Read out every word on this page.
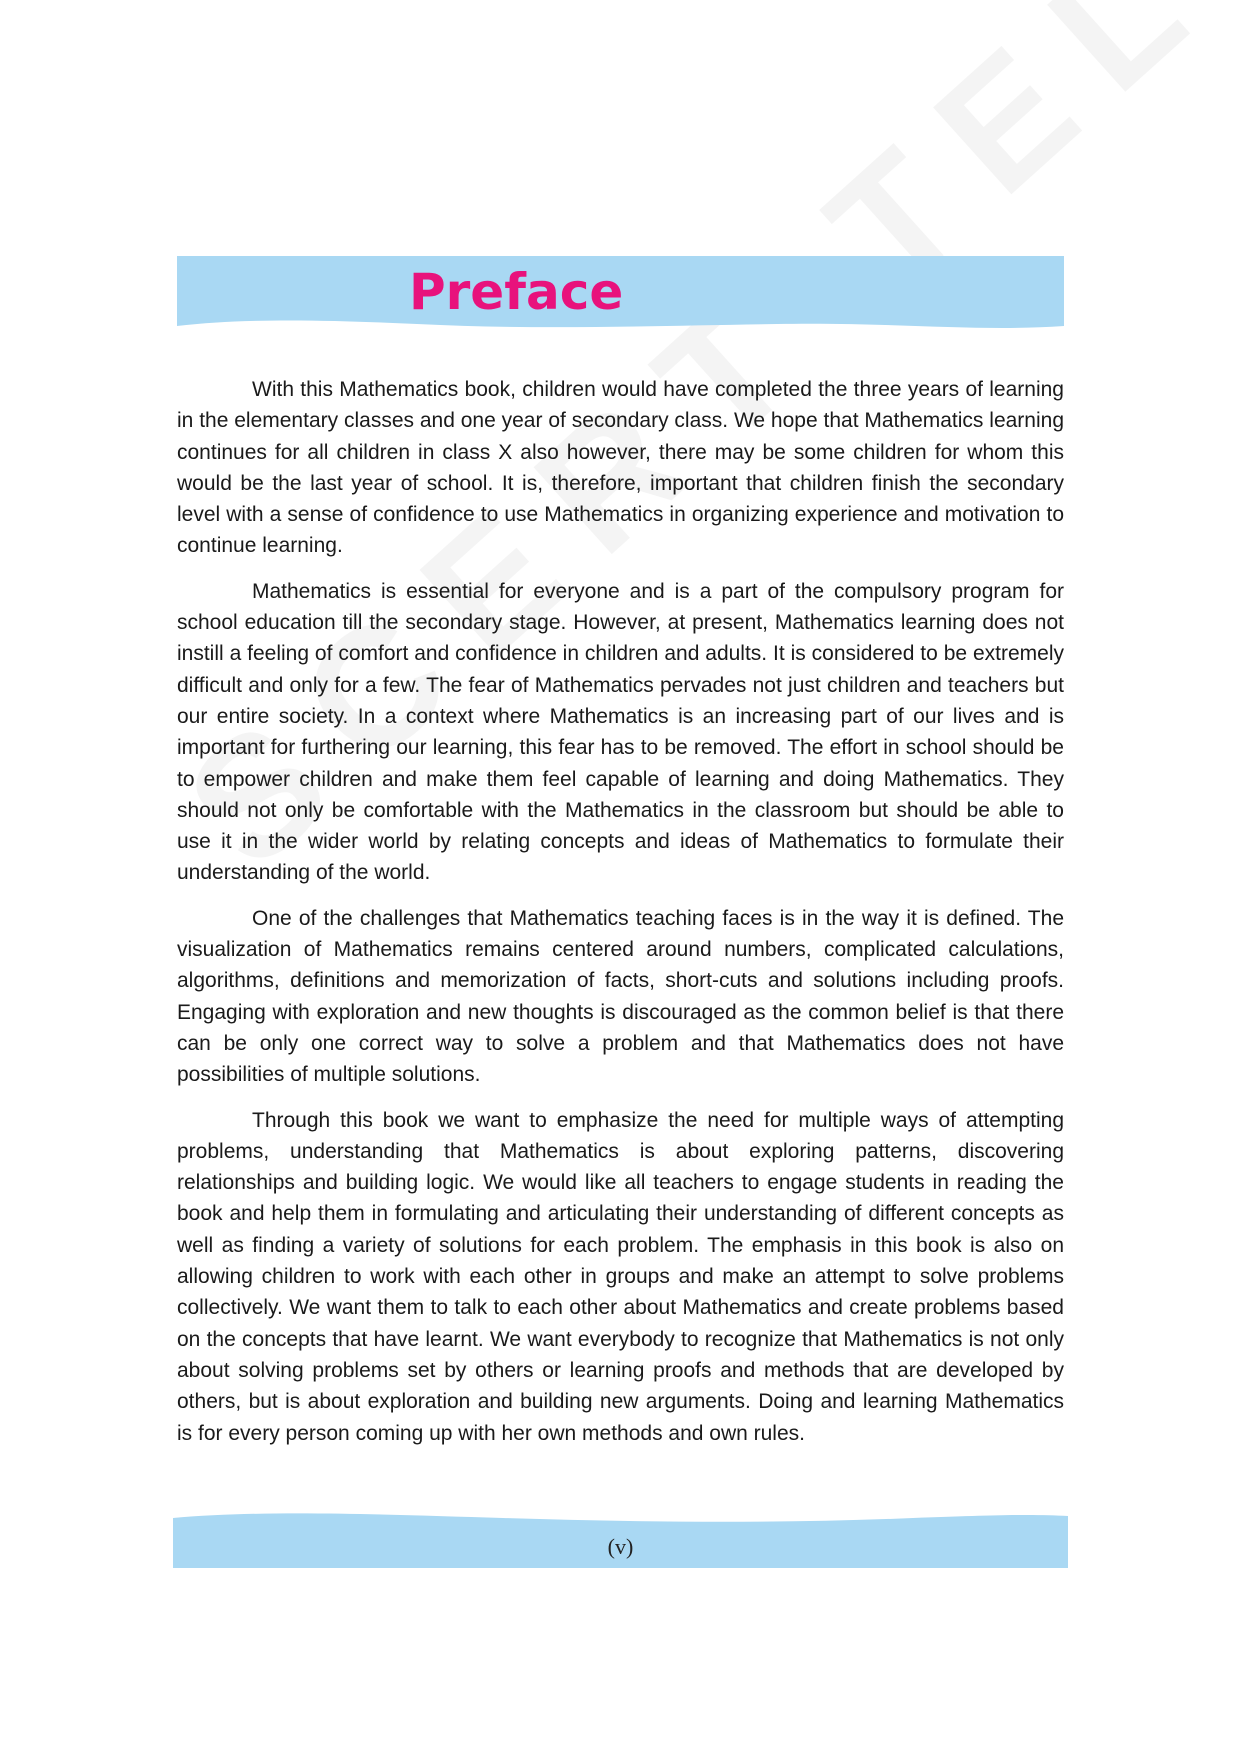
Preface

With this Mathematics book, children would have completed the three years of learning in the elementary classes and one year of secondary class. We hope that Mathematics learning continues for all children in class X also however, there may be some children for whom this would be the last year of school. It is, therefore, important that children finish the secondary level with a sense of confidence to use Mathematics in organizing experience and motivation to continue learning.

Mathematics is essential for everyone and is a part of the compulsory program for school education till the secondary stage. However, at present, Mathematics learning does not instill a feeling of comfort and confidence in children and adults. It is considered to be extremely difficult and only for a few. The fear of Mathematics pervades not just children and teachers but our entire society. In a context where Mathematics is an increasing part of our lives and is important for furthering our learning, this fear has to be removed. The effort in school should be to empower children and make them feel capable of learning and doing Mathematics. They should not only be comfortable with the Mathematics in the classroom but should be able to use it in the wider world by relating concepts and ideas of Mathematics to formulate their understanding of the world.

One of the challenges that Mathematics teaching faces is in the way it is defined. The visualization of Mathematics remains centered around numbers, complicated calculations, algorithms, definitions and memorization of facts, short-cuts and solutions including proofs. Engaging with exploration and new thoughts is discouraged as the common belief is that there can be only one correct way to solve a problem and that Mathematics does not have possibilities of multiple solutions.

Through this book we want to emphasize the need for multiple ways of attempting problems, understanding that Mathematics is about exploring patterns, discovering relationships and building logic. We would like all teachers to engage students in reading the book and help them in formulating and articulating their understanding of different concepts as well as finding a variety of solutions for each problem. The emphasis in this book is also on allowing children to work with each other in groups and make an attempt to solve problems collectively. We want them to talk to each other about Mathematics and create problems based on the concepts that have learnt. We want everybody to recognize that Mathematics is not only about solving problems set by others or learning proofs and methods that are developed by others, but is about exploration and building new arguments. Doing and learning Mathematics is for every person coming up with her own methods and own rules.

(v)
